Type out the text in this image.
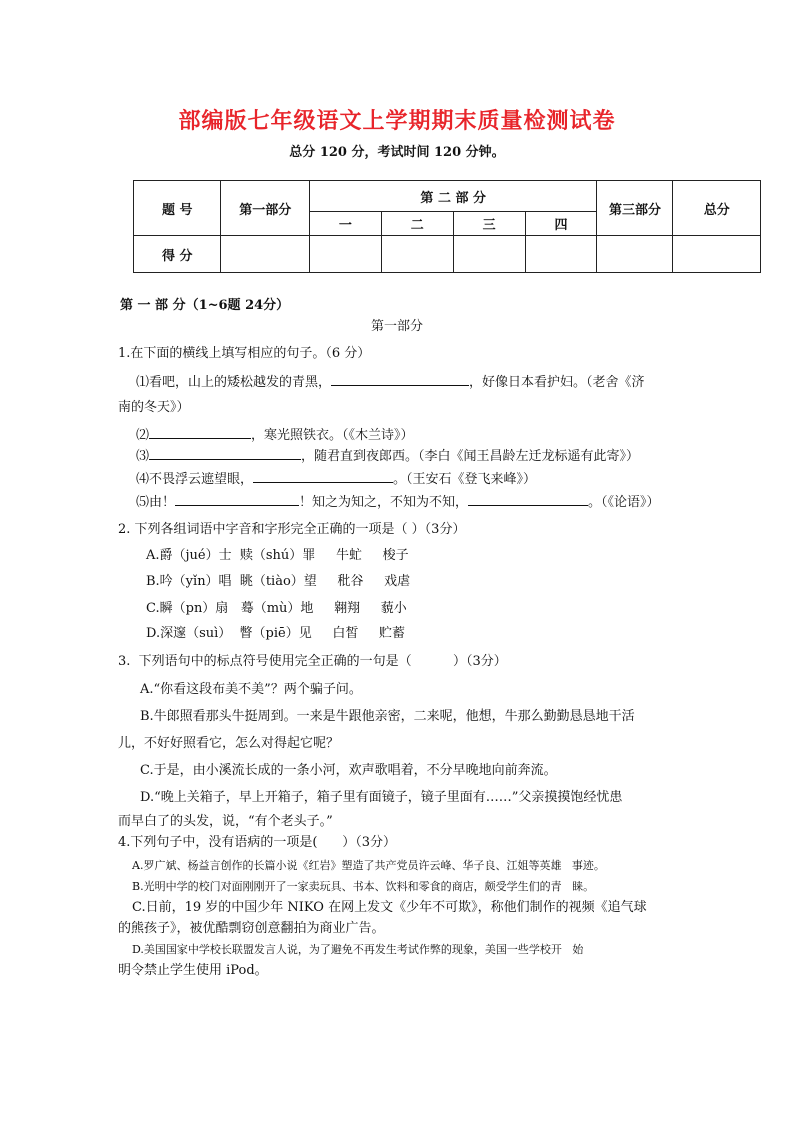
部编版七年级语文上学期期末质量检测试卷
总分 120 分，考试时间 120 分钟。
题 号	第一部分	第 二 部 分				第三部分	总分
		一	二	三	四		
得 分							
第 一 部 分（1~6题 24分）
第一部分
1.在下面的横线上填写相应的句子。（6 分）
⑴看吧，山上的矮松越发的青黑，	，好像日本看护妇。（老舍《济
南的冬天》）
⑵	，寒光照铁衣。（《木兰诗》）
⑶	，随君直到夜郎西。（李白《闻王昌龄左迁龙标遥有此寄》）
⑷不畏浮云遮望眼，	。（王安石《登飞来峰》）
⑸由！	！知之为知之，不知为不知，	。（《论语》）
2. 下列各组词语中字音和字形完全正确的一项是（ ）（3分）
A.爵（jué）士  赎（shú）罪     牛虻     梭子
B.吟（yǐn）唱  眺（tiào）望     秕谷     戏虐
C.瞬（pn）扇   蓦（mù）地     翱翔     藐小
D.深邃（suì）  瞥（piē）见     白皙     贮蓄
3.  下列语句中的标点符号使用完全正确的一句是（          ）（3分）
A.“你看这段布美不美”？两个骗子问。
B.牛郎照看那头牛挺周到。一来是牛跟他亲密，二来呢，他想，牛那么勤勤恳恳地干活
儿，不好好照看它，怎么对得起它呢？
C.于是，由小溪流长成的一条小河，欢声歌唱着，不分早晚地向前奔流。
D.“晚上关箱子，早上开箱子，箱子里有面镜子，镜子里面有……”父亲摸摸饱经忧患
而早白了的头发，说，“有个老头子。”
4.下列句子中，没有语病的一项是(      ）（3分）
A.罗广斌、杨益言创作的长篇小说《红岩》塑造了共产党员许云峰、华子良、江姐等英雄   事迹。
B.光明中学的校门对面刚刚开了一家卖玩具、书本、饮料和零食的商店，颇受学生们的青   睐。
C.日前，19 岁的中国少年 NIKO 在网上发文《少年不可欺》，称他们制作的视频《追气球
的熊孩子》，被优酷剽窃创意翻拍为商业广告。
D.美国国家中学校长联盟发言人说，为了避免不再发生考试作弊的现象，美国一些学校开   始
明令禁止学生使用 iPod。
